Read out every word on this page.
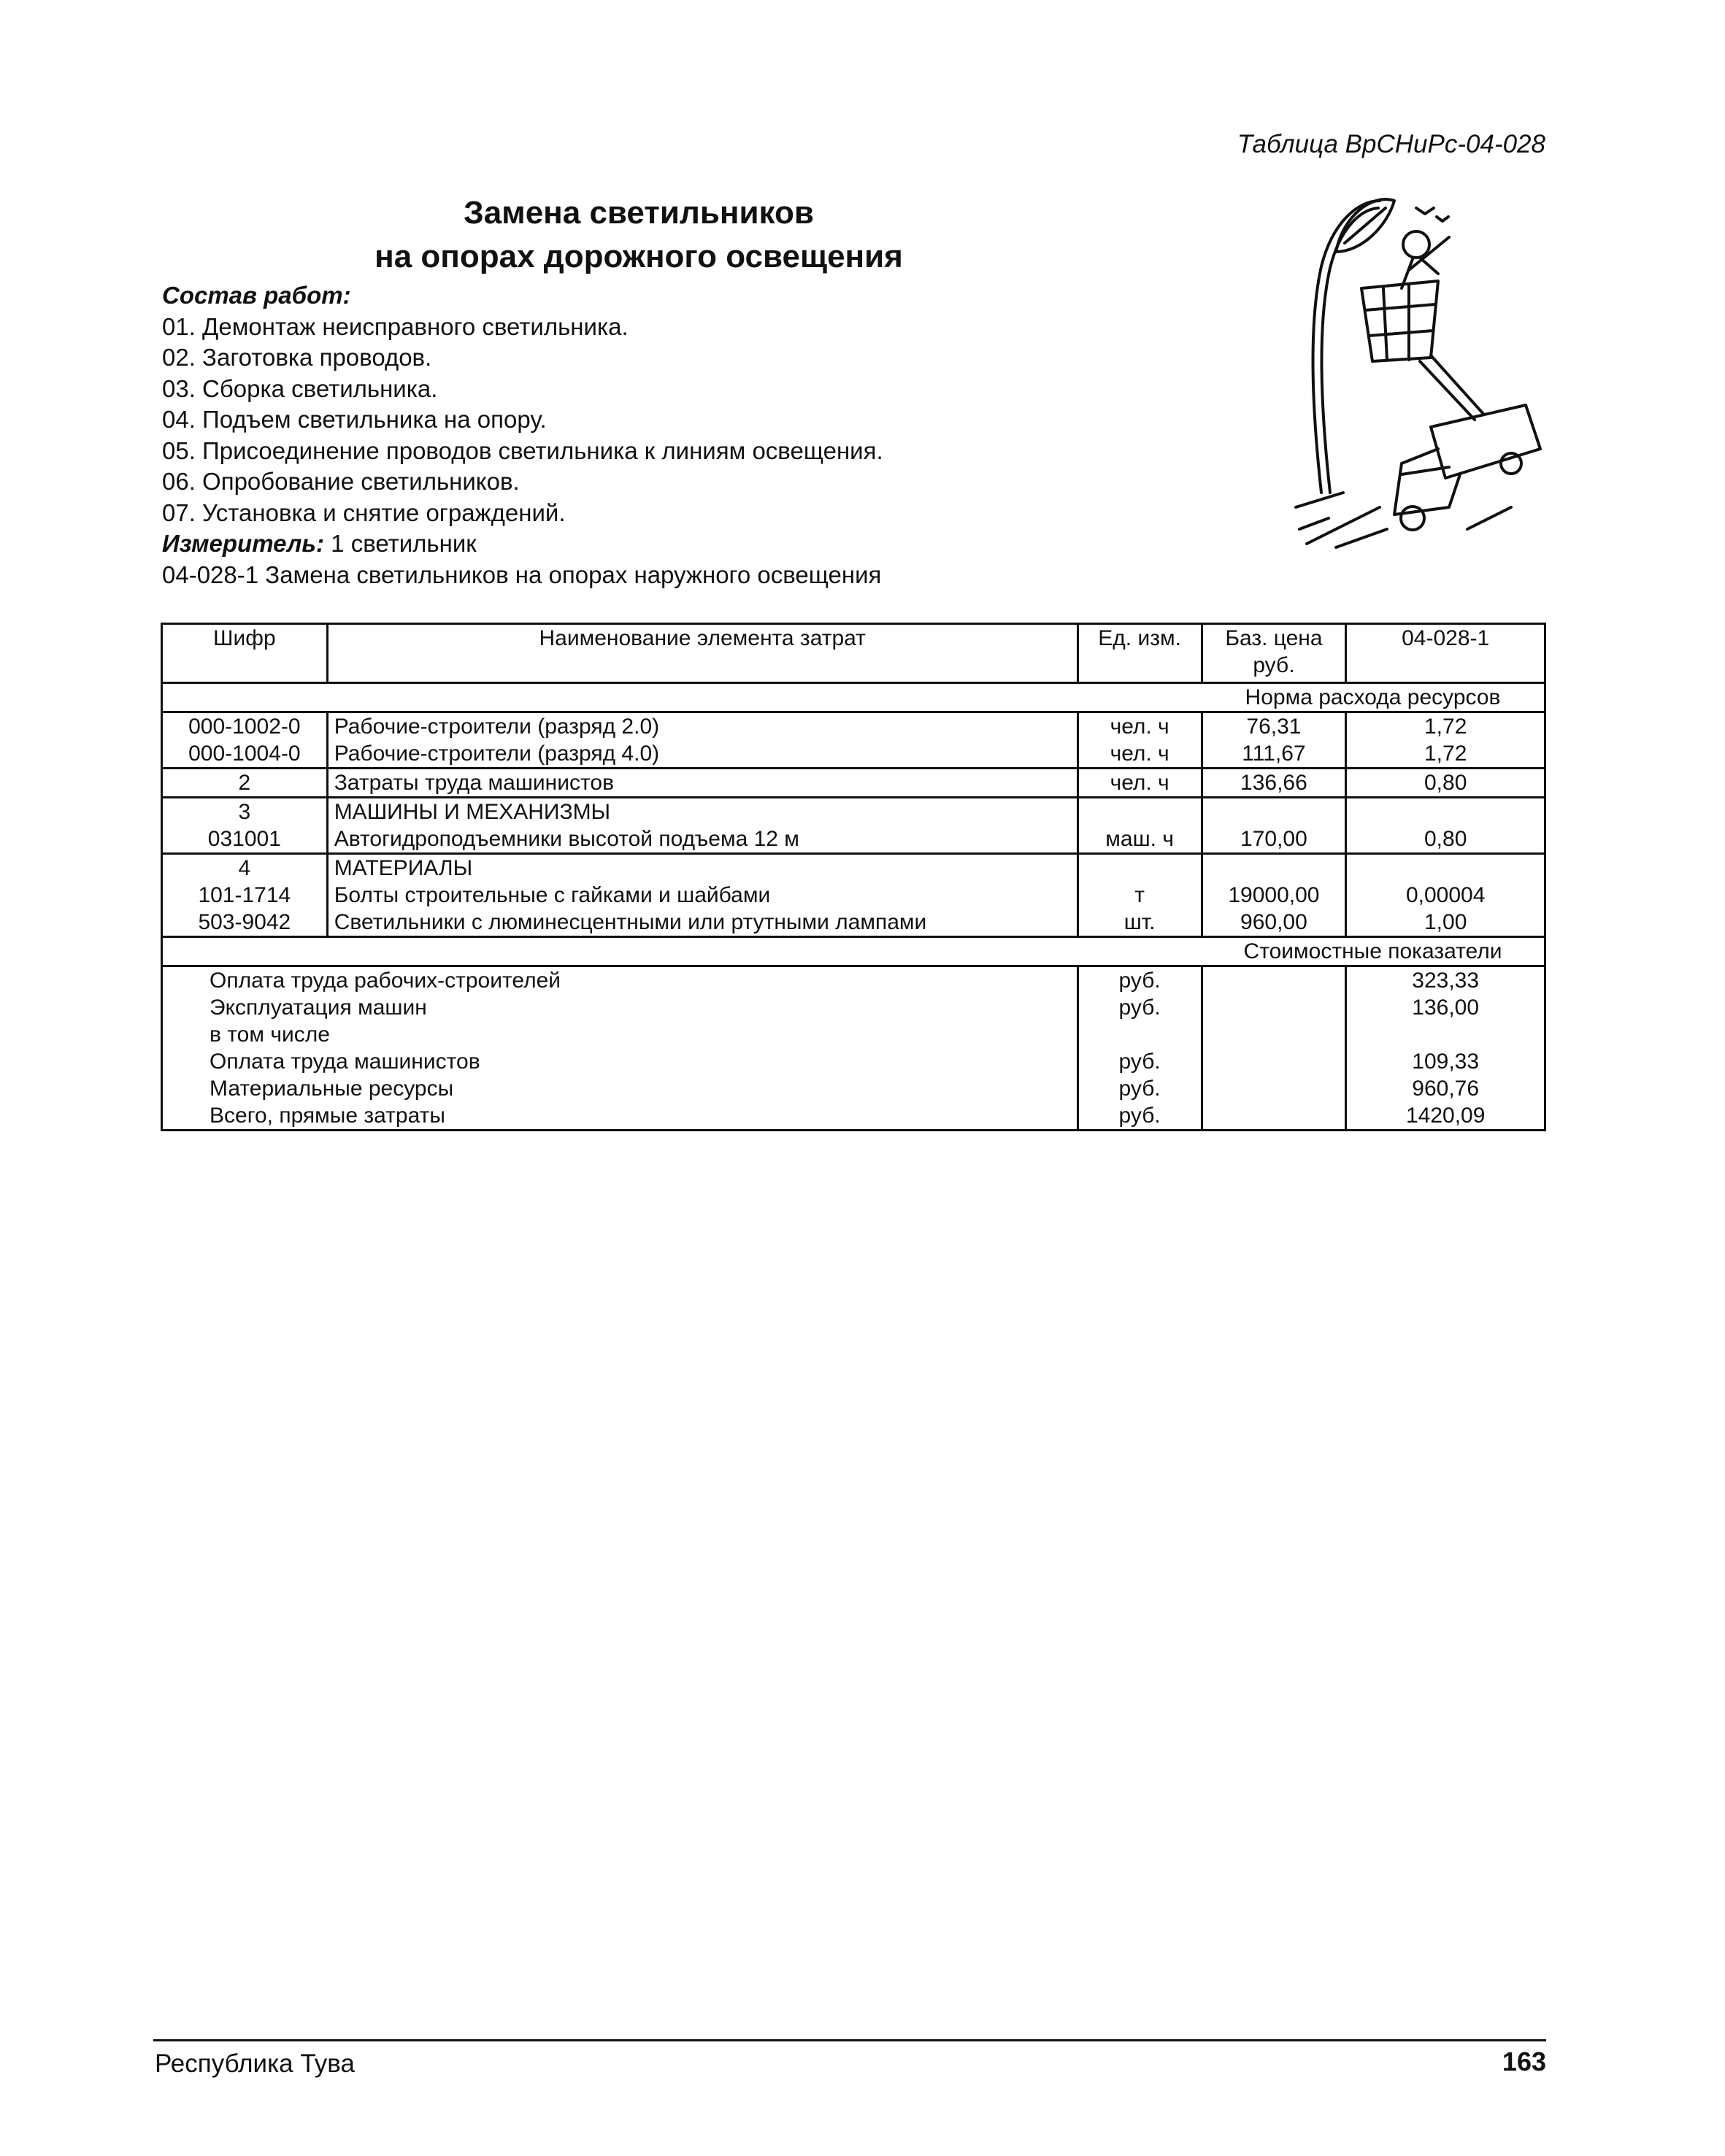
Таблица ВрСНиРс-04-028
Замена светильников
на опорах дорожного освещения
Состав работ:
01. Демонтаж неисправного светильника.
02. Заготовка проводов.
03. Сборка светильника.
04. Подъем светильника на опору.
05. Присоединение проводов светильника к линиям освещения.
06. Опробование светильников.
07. Установка и снятие ограждений.
Измеритель: 1 светильник
04-028-1 Замена светильников на опорах наружного освещения
Шифр	Наименование элемента затрат	Ед. изм.	Баз. цена руб.	04-028-1
			Норма расхода ресурсов	
000-1002-0	Рабочие-строители (разряд 2.0)	чел. ч	76,31	1,72
000-1004-0	Рабочие-строители (разряд 4.0)	чел. ч	111,67	1,72
2	Затраты труда машинистов	чел. ч	136,66	0,80
3	МАШИНЫ И МЕХАНИЗМЫ			
031001	Автогидроподъемники высотой подъема 12 м	маш. ч	170,00	0,80
4	МАТЕРИАЛЫ			
101-1714	Болты строительные с гайками и шайбами	т	19000,00	0,00004
503-9042	Светильники с люминесцентными или ртутными лампами	шт.	960,00	1,00
			Стоимостные показатели	
Оплата труда рабочих-строителей		руб.		323,33
Эксплуатация машин		руб.		136,00
в том числе				
Оплата труда машинистов		руб.		109,33
Материальные ресурсы		руб.		960,76
Всего, прямые затраты		руб.		1420,09
Республика Тува	163
